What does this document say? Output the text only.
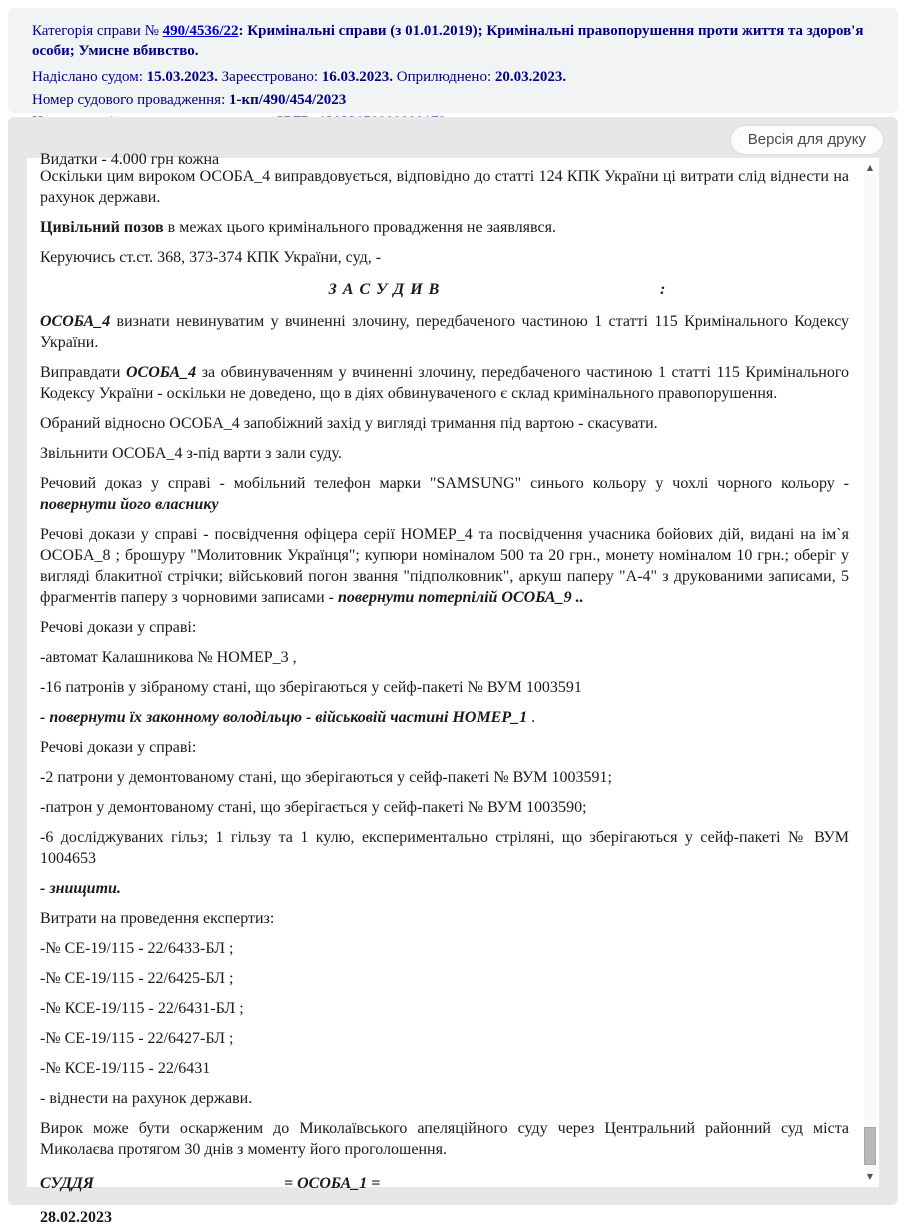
Категорія справи № 490/4536/22: Кримінальні справи (з 01.01.2019); Кримінальні правопорушення проти життя та здоров'я особи; Умисне вбивство.
Надіслано судом: 15.03.2023. Зареєстровано: 16.03.2023. Оприлюднено: 20.03.2023.
Номер судового провадження: 1-кп/490/454/2023
Версія для друку
Видатки - 4.000 грн кожна
Оскільки цим вироком ОСОБА_4 виправдовується, відповідно до статті 124 КПК України ці витрати слід віднести на рахунок держави.
Цивільний позов в межах цього кримінального провадження не заявлявся.
Керуючись ст.ст. 368, 373-374 КПК України, суд, -
З А С У Д И В	:
ОСОБА_4 визнати невинуватим у вчиненні злочину, передбаченого частиною 1 статті 115 Кримінального Кодексу України.
Виправдати ОСОБА_4 за обвинуваченням у вчиненні злочину, передбаченого частиною 1 статті 115 Кримінального Кодексу України - оскільки не доведено, що в діях обвинуваченого є склад кримінального правопорушення.
Обраний відносно ОСОБА_4 запобіжний захід у вигляді тримання під вартою - скасувати.
Звільнити ОСОБА_4 з-під варти з зали суду.
Речовий доказ у справі - мобільний телефон марки "SAMSUNG" синього кольору у чохлі чорного кольору - повернути його власнику
Речові докази у справі - посвідчення офіцера серії НОМЕР_4 та посвідчення учасника бойових дій, видані на ім`я ОСОБА_8 ; брошуру "Молитовник Українця"; купюри номіналом 500 та 20 грн., монету номіналом 10 грн.; оберіг у вигляді блакитної стрічки; військовий погон звання "підполковник", аркуш паперу "А-4" з друкованими записами, 5 фрагментів паперу з чорновими записами - повернути потерпілій ОСОБА_9 ..
Речові докази у справі:
-автомат Калашникова № НОМЕР_3 ,
-16 патронів у зібраному стані, що зберігаються у сейф-пакеті № ВУМ 1003591
- повернути їх законному володільцю - військовій частині НОМЕР_1 .
Речові докази у справі:
-2 патрони у демонтованому стані, що зберігаються у сейф-пакеті № ВУМ 1003591;
-патрон у демонтованому стані, що зберігається у сейф-пакеті № ВУМ 1003590;
-6 досліджуваних гільз; 1 гільзу та 1 кулю, експериментально стріляні, що зберігаються у сейф-пакеті № ВУМ 1004653
- знищити.
Витрати на проведення експертиз:
-№ СЕ-19/115 - 22/6433-БЛ ;
-№ СЕ-19/115 - 22/6425-БЛ ;
-№ КСЕ-19/115 - 22/6431-БЛ ;
-№ СЕ-19/115 - 22/6427-БЛ ;
-№ КСЕ-19/115 - 22/6431
- віднести на рахунок держави.
Вирок може бути оскарженим до Миколаївського апеляційного суду через Центральний районний суд міста Миколаєва протягом 30 днів з моменту його проголошення.
СУДДЯ	= ОСОБА_1 =
28.02.2023
▲
▼
